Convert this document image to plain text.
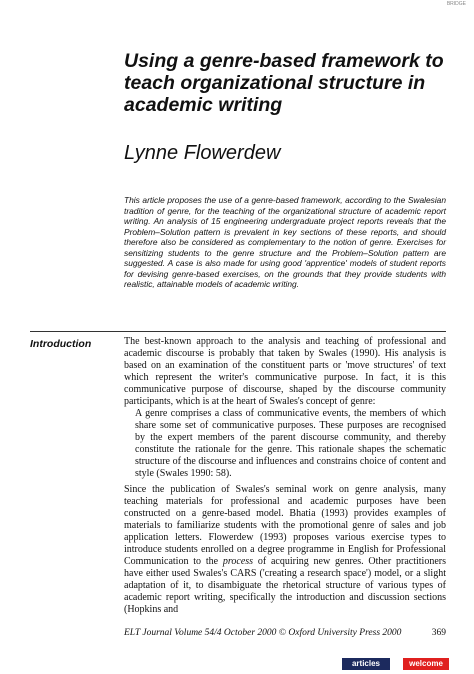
BRIDGE
Using a genre-based framework to teach organizational structure in academic writing
Lynne Flowerdew
This article proposes the use of a genre-based framework, according to the Swalesian tradition of genre, for the teaching of the organizational structure of academic report writing. An analysis of 15 engineering undergraduate project reports reveals that the Problem–Solution pattern is prevalent in key sections of these reports, and should therefore also be considered as complementary to the notion of genre. Exercises for sensitizing students to the genre structure and the Problem–Solution pattern are suggested. A case is also made for using good 'apprentice' models of student reports for devising genre-based exercises, on the grounds that they provide students with realistic, attainable models of academic writing.
Introduction	The best-known approach to the analysis and teaching of professional and academic discourse is probably that taken by Swales (1990). His analysis is based on an examination of the constituent parts or 'move structures' of text which represent the writer's communicative purpose. In fact, it is this communicative purpose of discourse, shaped by the discourse community participants, which is at the heart of Swales's concept of genre:

A genre comprises a class of communicative events, the members of which share some set of communicative purposes. These purposes are recognised by the expert members of the parent discourse community, and thereby constitute the rationale for the genre. This rationale shapes the schematic structure of the discourse and influences and constrains choice of content and style (Swales 1990: 58).

Since the publication of Swales's seminal work on genre analysis, many teaching materials for professional and academic purposes have been constructed on a genre-based model. Bhatia (1993) provides examples of materials to familiarize students with the promotional genre of sales and job application letters. Flowerdew (1993) proposes various exercise types to introduce students enrolled on a degree programme in English for Professional Communication to the process of acquiring new genres. Other practitioners have either used Swales's CARS ('creating a research space') model, or a slight adaptation of it, to disambiguate the rhetorical structure of various types of academic report writing, specifically the introduction and discussion sections (Hopkins and

ELT Journal Volume 54/4 October 2000 © Oxford University Press 2000	369
articles	welcome
